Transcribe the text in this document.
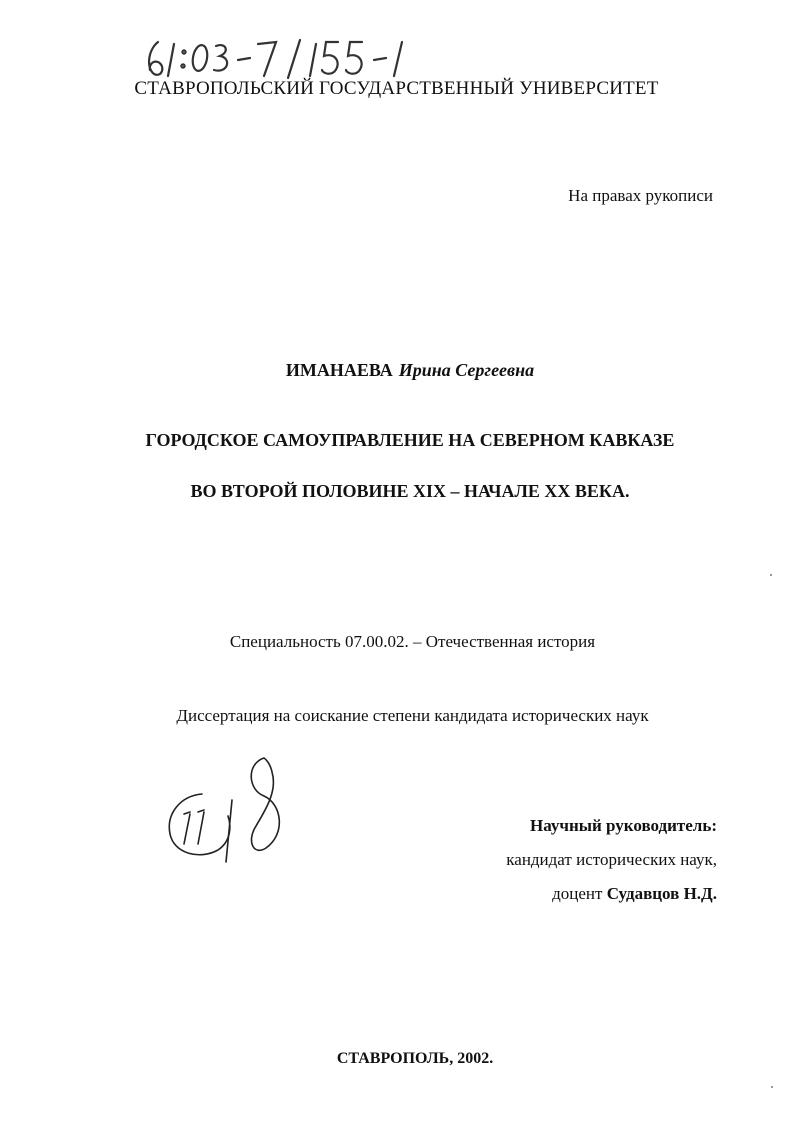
СТАВРОПОЛЬСКИЙ ГОСУДАРСТВЕННЫЙ УНИВЕРСИТЕТ
На правах рукописи
ИМАНАЕВА Ирина Сергеевна
ГОРОДСКОЕ САМОУПРАВЛЕНИЕ НА СЕВЕРНОМ КАВКАЗЕ
ВО ВТОРОЙ ПОЛОВИНЕ XIX – НАЧАЛЕ XX ВЕКА.
Специальность 07.00.02. – Отечественная история
Диссертация на соискание степени кандидата исторических наук
Научный руководитель:
кандидат исторических наук,
доцент Судавцов Н.Д.
СТАВРОПОЛЬ, 2002.
